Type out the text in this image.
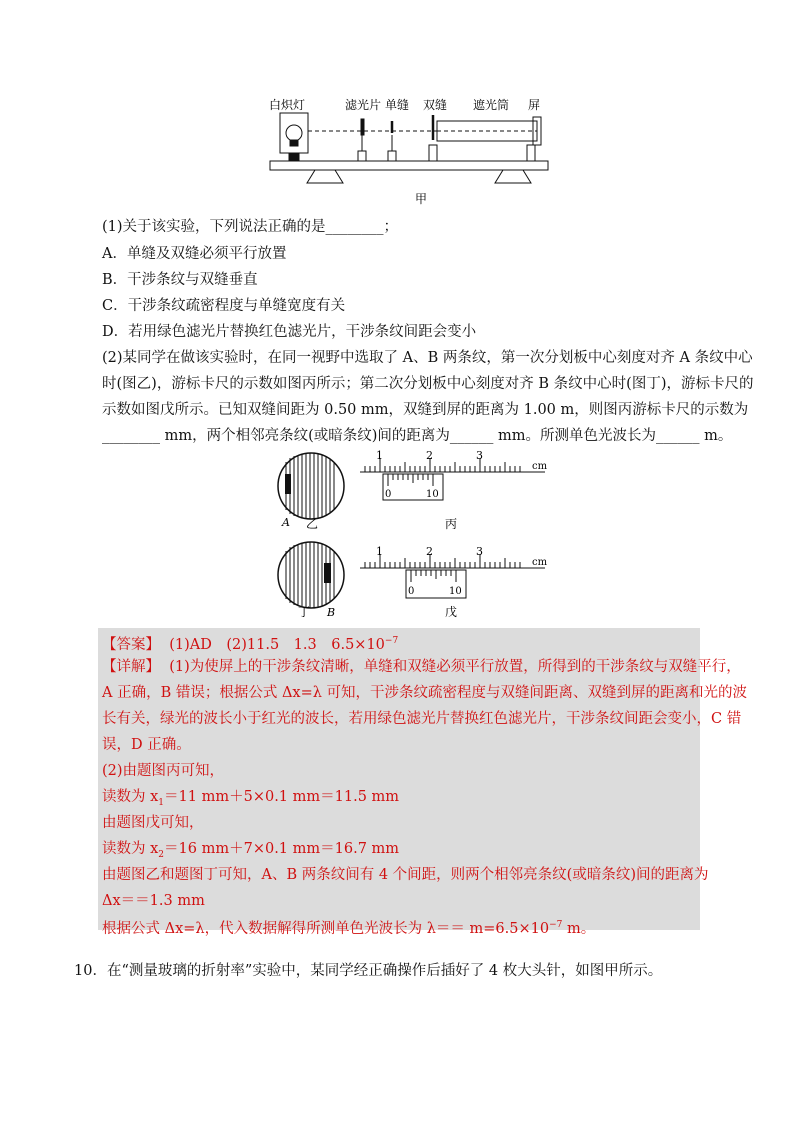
白炽灯	滤光片 单缝 双缝 遮光筒 屏
甲
(1)关于该实验，下列说法正确的是________；
A．单缝及双缝必须平行放置
B．干涉条纹与双缝垂直
C．干涉条纹疏密程度与单缝宽度有关
D．若用绿色滤光片替换红色滤光片，干涉条纹间距会变小
(2)某同学在做该实验时，在同一视野中选取了 A、B 两条纹，第一次分划板中心刻度对齐 A 条纹中心
时(图乙)，游标卡尺的示数如图丙所示；第二次分划板中心刻度对齐 B 条纹中心时(图丁)，游标卡尺的
示数如图戊所示。已知双缝间距为 0.50 mm，双缝到屏的距离为 1.00 m，则图丙游标卡尺的示数为
________ mm，两个相邻亮条纹(或暗条纹)间的距离为______ mm。所测单色光波长为______ m。
A 乙
1	2	3
cm
0	10
丙
丁 B
1	2	3
cm
0	10
戊
【答案】 (1)AD　(2)11.5　1.3　$6.5\times 10^{-7}$
【详解】 (1)为使屏上的干涉条纹清晰，单缝和双缝必须平行放置，所得到的干涉条纹与双缝平行，
A 正确，B 错误；根据公式 Δx=λ 可知，干涉条纹疏密程度与双缝间距离、双缝到屏的距离和光的波
长有关，绿光的波长小于红光的波长，若用绿色滤光片替换红色滤光片，干涉条纹间距会变小，C 错
误，D 正确。
(2)由题图丙可知，
读数为 $x_1=11$ mm＋5×0.1 mm＝11.5 mm
由题图戊可知，
读数为 $x_2=16$ mm＋7×0.1 mm＝16.7 mm
由题图乙和题图丁可知，A、B 两条纹间有 4 个间距，则两个相邻亮条纹(或暗条纹)间的距离为
Δx＝＝1.3 mm
根据公式 Δx=λ，代入数据解得所测单色光波长为 $\lambda== m=6.5\times 10^{-7}$ m。
10．在“测量玻璃的折射率”实验中，某同学经正确操作后插好了 4 枚大头针，如图甲所示。
